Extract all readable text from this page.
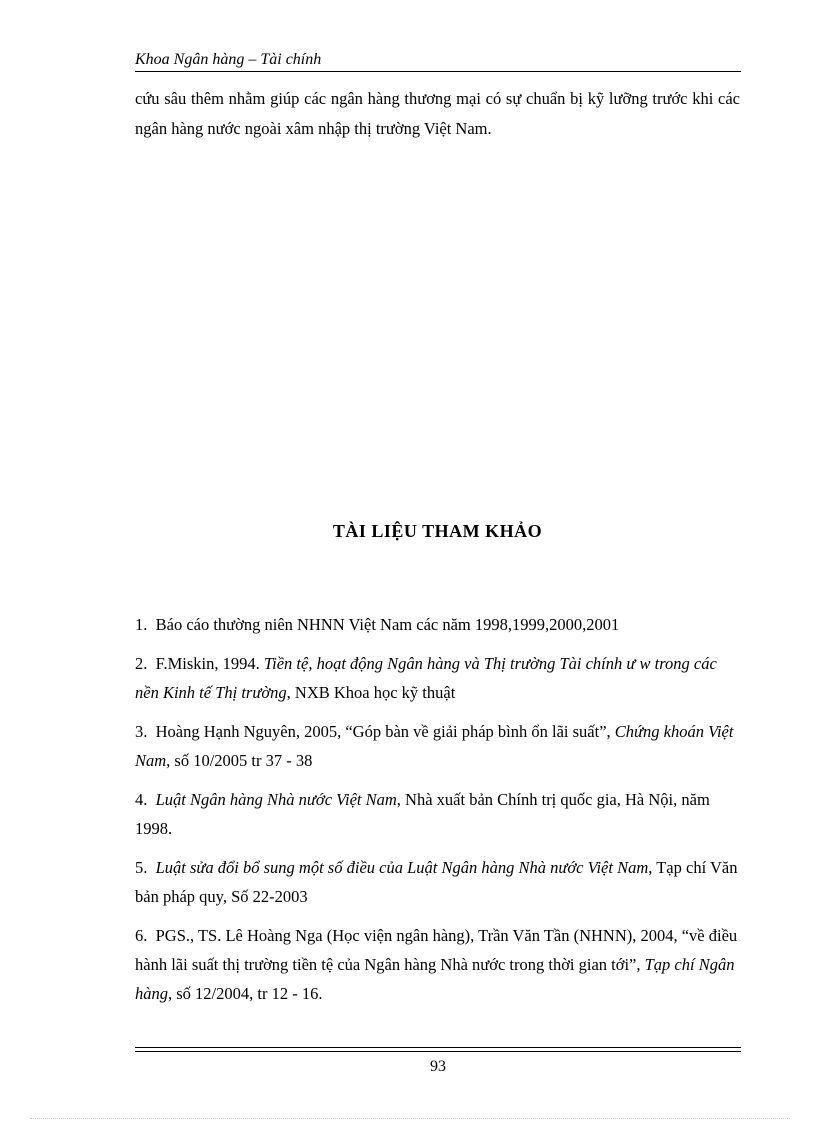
Khoa Ngân hàng – Tài chính

cứu sâu thêm nhằm giúp các ngân hàng thương mại có sự chuẩn bị kỹ lưỡng trước khi các ngân hàng nước ngoài xâm nhập thị trường Việt Nam.

TÀI LIỆU THAM KHẢO
1. Báo cáo thường niên NHNN Việt Nam các năm 1998,1999,2000,2001
2. F.Miskin, 1994. Tiền tệ, hoạt động Ngân hàng và Thị trường Tài chính ư w trong các nền Kinh tế Thị trường, NXB Khoa học kỹ thuật
3. Hoàng Hạnh Nguyên, 2005, “Góp bàn về giải pháp bình ổn lãi suất”, Chứng khoán Việt Nam, số 10/2005 tr 37 - 38
4. Luật Ngân hàng Nhà nước Việt Nam, Nhà xuất bản Chính trị quốc gia, Hà Nội, năm 1998.
5. Luật sửa đổi bổ sung một số điều của Luật Ngân hàng Nhà nước Việt Nam, Tạp chí Văn bản pháp quy, Số 22-2003
6. PGS., TS. Lê Hoàng Nga (Học viện ngân hàng), Trần Văn Tần (NHNN), 2004, “về điều hành lãi suất thị trường tiền tệ của Ngân hàng Nhà nước trong thời gian tới”, Tạp chí Ngân hàng, số 12/2004, tr 12 - 16.
93
